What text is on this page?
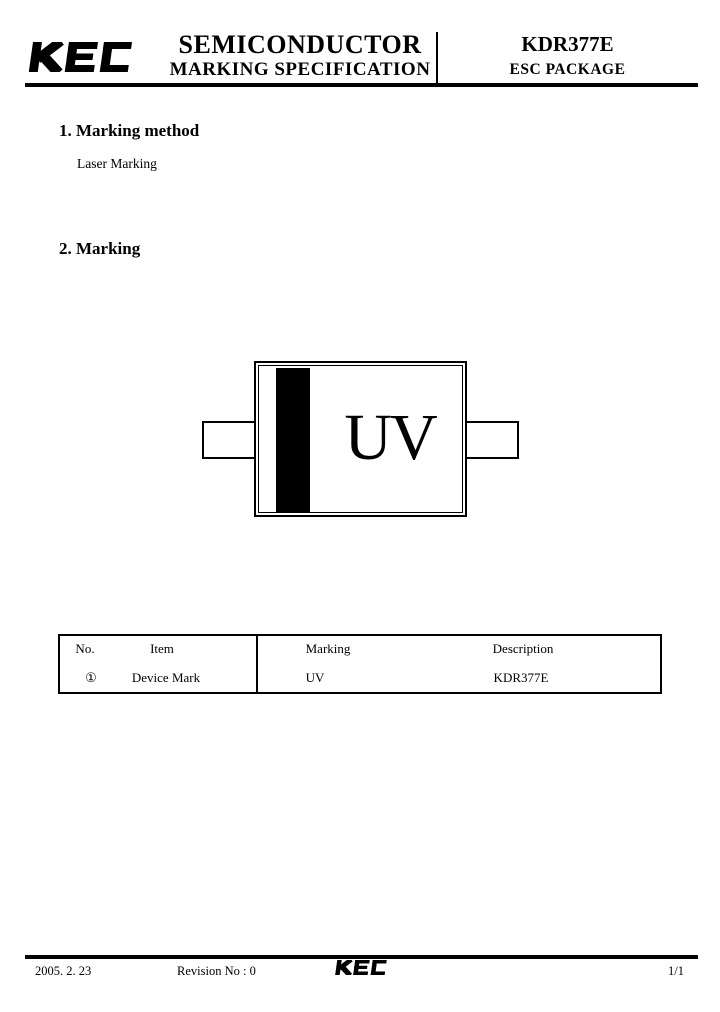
SEMICONDUCTOR
MARKING SPECIFICATION
KDR377E
ESC PACKAGE
1. Marking method
Laser Marking
2. Marking
UV
No.	Item	Marking	Description
①	Device Mark	UV	KDR377E
2005. 2. 23	Revision No : 0	1/1
